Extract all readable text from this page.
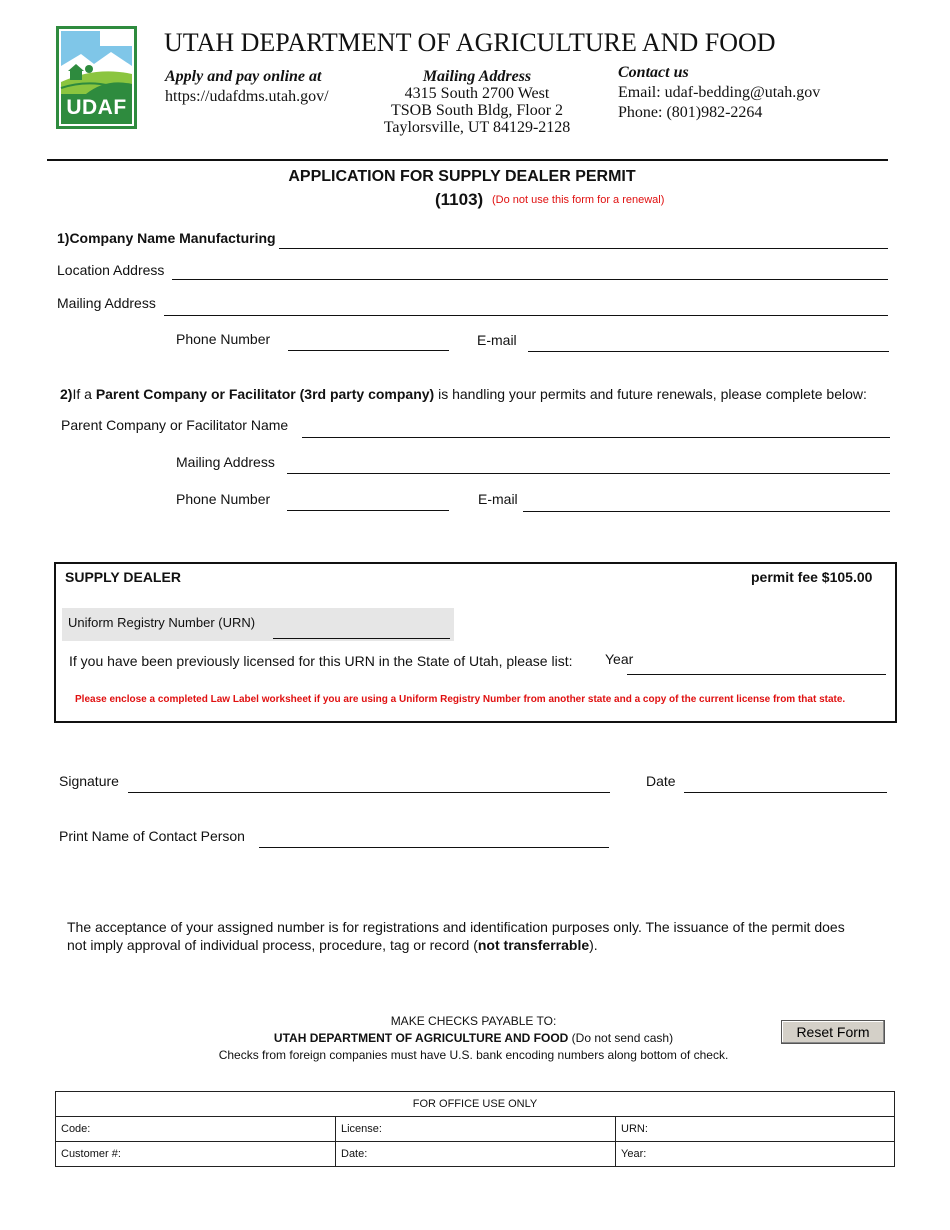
UDAF
UTAH DEPARTMENT OF AGRICULTURE AND FOOD
Apply and pay online at
https://udafdms.utah.gov/
Mailing Address
4315 South 2700 West
TSOB South Bldg, Floor 2
Taylorsville, UT 84129-2128
Contact us
Email: udaf-bedding@utah.gov
Phone: (801)982-2264
APPLICATION FOR SUPPLY DEALER PERMIT
(1103) (Do not use this form for a renewal)
1)Company Name Manufacturing
Location Address
Mailing Address
Phone Number	E-mail
2)If a Parent Company or Facilitator (3rd party company) is handling your permits and future renewals, please complete below:
Parent Company or Facilitator Name
Mailing Address
Phone Number	E-mail
SUPPLY DEALER	permit fee $105.00
Uniform Registry Number (URN)
If you have been previously licensed for this URN in the State of Utah, please list: Year
Please enclose a completed Law Label worksheet if you are using a Uniform Registry Number from another state and a copy of the current license from that state.
Signature	Date
Print Name of Contact Person
The acceptance of your assigned number is for registrations and identification purposes only. The issuance of the permit does
not imply approval of individual process, procedure, tag or record (not transferrable).
MAKE CHECKS PAYABLE TO:
UTAH DEPARTMENT OF AGRICULTURE AND FOOD (Do not send cash)
Checks from foreign companies must have U.S. bank encoding numbers along bottom of check.
Reset Form
FOR OFFICE USE ONLY		
Code:	License:	URN:
Customer #:	Date:	Year:
